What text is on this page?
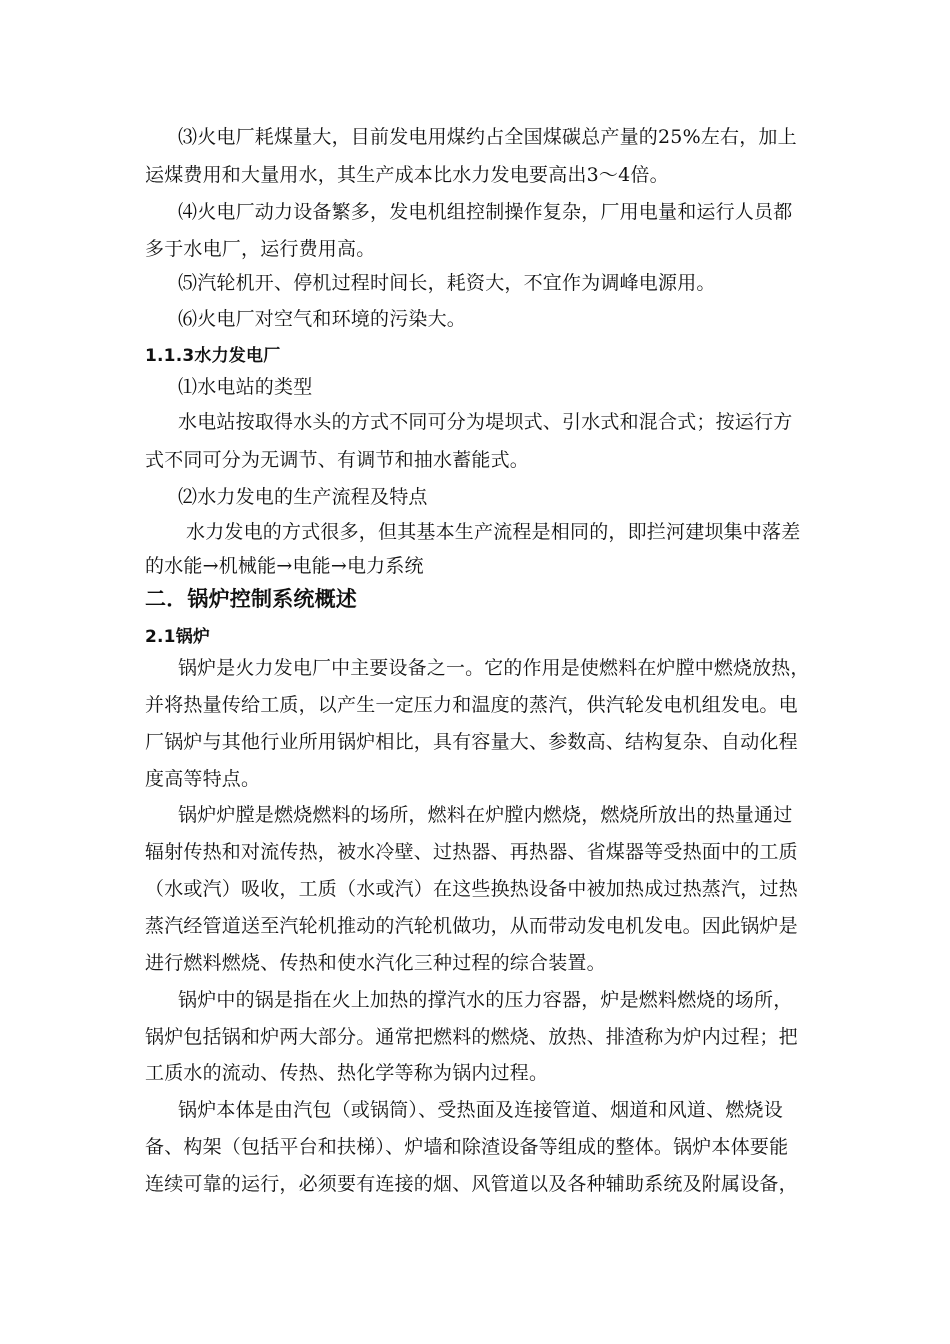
⑶火电厂耗煤量大，目前发电用煤约占全国煤碳总产量的25%左右，加上
运煤费用和大量用水，其生产成本比水力发电要高出3～4倍。
⑷火电厂动力设备繁多，发电机组控制操作复杂，厂用电量和运行人员都
多于水电厂，运行费用高。
⑸汽轮机开、停机过程时间长，耗资大，不宜作为调峰电源用。
⑹火电厂对空气和环境的污染大。
1.1.3水力发电厂
⑴水电站的类型
水电站按取得水头的方式不同可分为堤坝式、引水式和混合式；按运行方
式不同可分为无调节、有调节和抽水蓄能式。
⑵水力发电的生产流程及特点
水力发电的方式很多，但其基本生产流程是相同的，即拦河建坝集中落差
的水能→机械能→电能→电力系统
二．锅炉控制系统概述
2.1锅炉
锅炉是火力发电厂中主要设备之一。它的作用是使燃料在炉膛中燃烧放热，
并将热量传给工质，以产生一定压力和温度的蒸汽，供汽轮发电机组发电。电
厂锅炉与其他行业所用锅炉相比，具有容量大、参数高、结构复杂、自动化程
度高等特点。
锅炉炉膛是燃烧燃料的场所，燃料在炉膛内燃烧，燃烧所放出的热量通过
辐射传热和对流传热，被水冷壁、过热器、再热器、省煤器等受热面中的工质
（水或汽）吸收，工质（水或汽）在这些换热设备中被加热成过热蒸汽，过热
蒸汽经管道送至汽轮机推动的汽轮机做功，从而带动发电机发电。因此锅炉是
进行燃料燃烧、传热和使水汽化三种过程的综合装置。
锅炉中的锅是指在火上加热的撑汽水的压力容器，炉是燃料燃烧的场所，
锅炉包括锅和炉两大部分。通常把燃料的燃烧、放热、排渣称为炉内过程；把
工质水的流动、传热、热化学等称为锅内过程。
锅炉本体是由汽包（或锅筒）、受热面及连接管道、烟道和风道、燃烧设
备、构架（包括平台和扶梯）、炉墙和除渣设备等组成的整体。锅炉本体要能
连续可靠的运行，必须要有连接的烟、风管道以及各种辅助系统及附属设备，
